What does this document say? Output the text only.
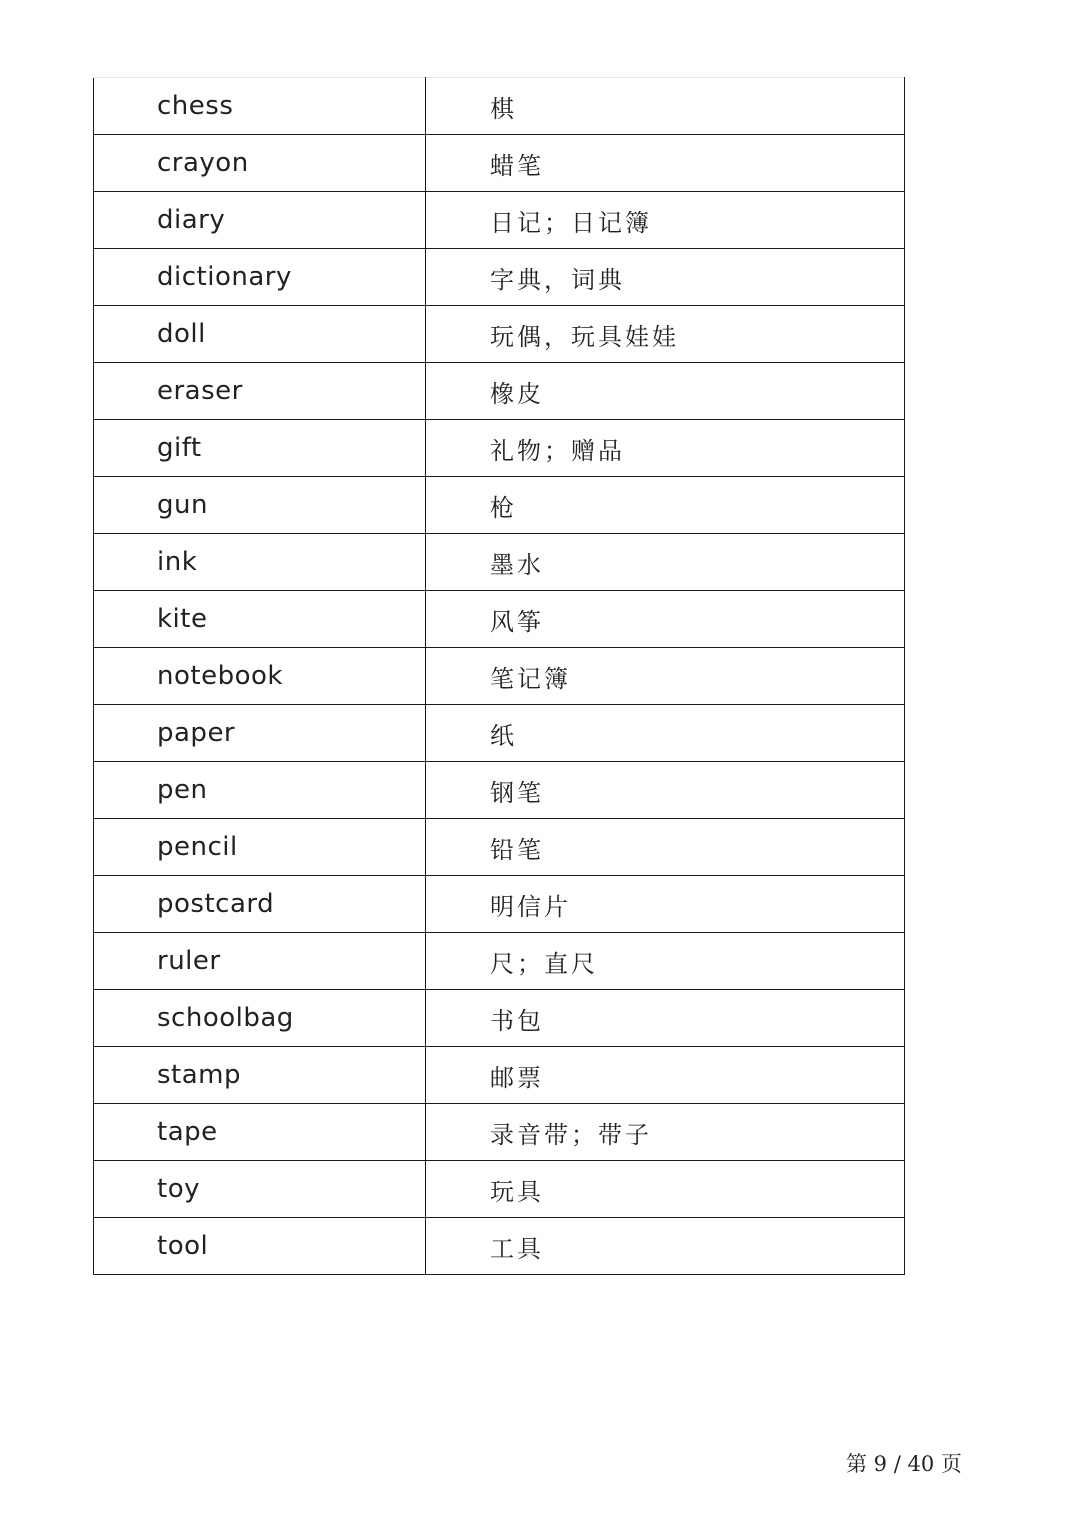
chess	棋
crayon	蜡笔
diary	日记；日记簿
dictionary	字典，词典
doll	玩偶，玩具娃娃
eraser	橡皮
gift	礼物；赠品
gun	枪
ink	墨水
kite	风筝
notebook	笔记簿
paper	纸
pen	钢笔
pencil	铅笔
postcard	明信片
ruler	尺；直尺
schoolbag	书包
stamp	邮票
tape	录音带；带子
toy	玩具
tool	工具
第 9 / 40 页
